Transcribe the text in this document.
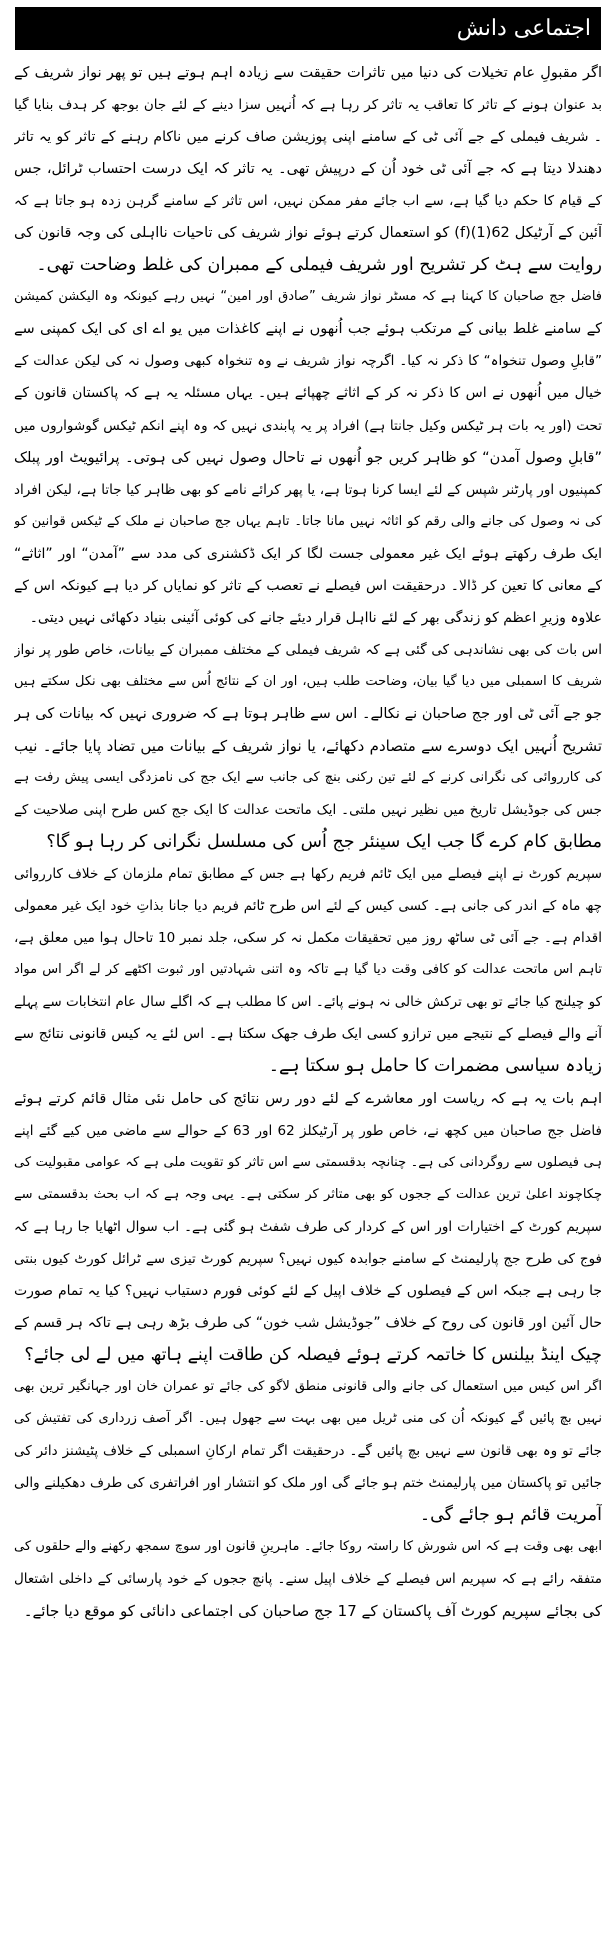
اجتماعی دانش
اگر مقبولِ عام تخیلات کی دنیا میں تاثرات حقیقت سے زیادہ اہم ہوتے ہیں تو پھر نواز شریف کے
بد عنوان ہونے کے تاثر کا تعاقب یہ تاثر کر رہا ہے کہ اُنہیں سزا دینے کے لئے جان بوجھ کر ہدف بنایا گیا
۔ شریف فیملی کے جے آئی ٹی کے سامنے اپنی پوزیشن صاف کرنے میں ناکام رہنے کے تاثر کو یہ تاثر
دھندلا دیتا ہے کہ جے آئی ٹی خود اُن کے درپیش تھی۔ یہ تاثر کہ ایک درست احتساب ٹرائل، جس
کے قیام کا حکم دیا گیا ہے، سے اب جائے مفر ممکن نہیں، اس تاثر کے سامنے گرہن زدہ ہو جاتا ہے کہ
آئین کے آرٹیکل 62(1)(f) کو استعمال کرتے ہوئے نواز شریف کی تاحیات نااہلی کی وجہ قانون کی
روایت سے ہٹ کر تشریح اور شریف فیملی کے ممبران کی غلط وضاحت تھی۔
فاضل جج صاحبان کا کہنا ہے کہ مسٹر نواز شریف ”صادق اور امین“ نہیں رہے کیونکہ وہ الیکشن کمیشن
کے سامنے غلط بیانی کے مرتکب ہوئے جب اُنھوں نے اپنے کاغذات میں یو اے ای کی ایک کمپنی سے
”قابلِ وصول تنخواہ“ کا ذکر نہ کیا۔ اگرچہ نواز شریف نے وہ تنخواہ کبھی وصول نہ کی لیکن عدالت کے
خیال میں اُنھوں نے اس کا ذکر نہ کر کے اثاثے چھپائے ہیں۔ یہاں مسئلہ یہ ہے کہ پاکستان قانون کے
تحت (اور یہ بات ہر ٹیکس وکیل جانتا ہے) افراد پر یہ پابندی نہیں کہ وہ اپنے انکم ٹیکس گوشواروں میں
”قابلِ وصول آمدن“ کو ظاہر کریں جو اُنھوں نے تاحال وصول نہیں کی ہوتی۔ پرائیویٹ اور پبلک
کمپنیوں اور پارٹنر شپس کے لئے ایسا کرنا ہوتا ہے، یا پھر کرائے نامے کو بھی ظاہر کیا جاتا ہے، لیکن افراد
کی نہ وصول کی جانے والی رقم کو اثاثہ نہیں مانا جاتا۔ تاہم یہاں جج صاحبان نے ملک کے ٹیکس قوانین کو
ایک طرف رکھتے ہوئے ایک غیر معمولی جست لگا کر ایک ڈکشنری کی مدد سے ”آمدن“ اور ”اثاثے“
کے معانی کا تعین کر ڈالا۔ درحقیقت اس فیصلے نے تعصب کے تاثر کو نمایاں کر دیا ہے کیونکہ اس کے
علاوہ وزیرِ اعظم کو زندگی بھر کے لئے نااہل قرار دیئے جانے کی کوئی آئینی بنیاد دکھائی نہیں دیتی۔
اس بات کی بھی نشاندہی کی گئی ہے کہ شریف فیملی کے مختلف ممبران کے بیانات، خاص طور پر نواز
شریف کا اسمبلی میں دیا گیا بیان، وضاحت طلب ہیں، اور ان کے نتائج اُس سے مختلف بھی نکل سکتے ہیں
جو جے آئی ٹی اور جج صاحبان نے نکالے۔ اس سے ظاہر ہوتا ہے کہ ضروری نہیں کہ بیانات کی ہر
تشریح اُنہیں ایک دوسرے سے متصادم دکھائے، یا نواز شریف کے بیانات میں تضاد پایا جائے۔ نیب
کی کارروائی کی نگرانی کرنے کے لئے تین رکنی بنچ کی جانب سے ایک جج کی نامزدگی ایسی پیش رفت ہے
جس کی جوڈیشل تاریخ میں نظیر نہیں ملتی۔ ایک ماتحت عدالت کا ایک جج کس طرح اپنی صلاحیت کے
مطابق کام کرے گا جب ایک سینئر جج اُس کی مسلسل نگرانی کر رہا ہو گا؟
سپریم کورٹ نے اپنے فیصلے میں ایک ٹائم فریم رکھا ہے جس کے مطابق تمام ملزمان کے خلاف کارروائی
چھ ماہ کے اندر کی جانی ہے۔ کسی کیس کے لئے اس طرح ٹائم فریم دیا جانا بذاتِ خود ایک غیر معمولی
اقدام ہے۔ جے آئی ٹی ساٹھ روز میں تحقیقات مکمل نہ کر سکی، جلد نمبر 10 تاحال ہوا میں معلق ہے،
تاہم اس ماتحت عدالت کو کافی وقت دیا گیا ہے تاکہ وہ اتنی شہادتیں اور ثبوت اکٹھے کر لے اگر اس مواد
کو چیلنج کیا جائے تو بھی ترکش خالی نہ ہونے پائے۔ اس کا مطلب ہے کہ اگلے سال عام انتخابات سے پہلے
آنے والے فیصلے کے نتیجے میں ترازو کسی ایک طرف جھک سکتا ہے۔ اس لئے یہ کیس قانونی نتائج سے
زیادہ سیاسی مضمرات کا حامل ہو سکتا ہے۔
اہم بات یہ ہے کہ ریاست اور معاشرے کے لئے دور رس نتائج کی حامل نئی مثال قائم کرتے ہوئے
فاضل جج صاحبان میں کچھ نے، خاص طور پر آرٹیکلز 62 اور 63 کے حوالے سے ماضی میں کیے گئے اپنے
ہی فیصلوں سے روگردانی کی ہے۔ چنانچہ بدقسمتی سے اس تاثر کو تقویت ملی ہے کہ عوامی مقبولیت کی
چکاچوند اعلیٰ ترین عدالت کے ججوں کو بھی متاثر کر سکتی ہے۔ یہی وجہ ہے کہ اب بحث بدقسمتی سے
سپریم کورٹ کے اختیارات اور اس کے کردار کی طرف شفٹ ہو گئی ہے۔ اب سوال اٹھایا جا رہا ہے کہ
فوج کی طرح جج پارلیمنٹ کے سامنے جوابدہ کیوں نہیں؟ سپریم کورٹ تیزی سے ٹرائل کورٹ کیوں بنتی
جا رہی ہے جبکہ اس کے فیصلوں کے خلاف اپیل کے لئے کوئی فورم دستیاب نہیں؟ کیا یہ تمام صورت
حال آئین اور قانون کی روح کے خلاف ”جوڈیشل شب خون“ کی طرف بڑھ رہی ہے تاکہ ہر قسم کے
چیک اینڈ بیلنس کا خاتمہ کرتے ہوئے فیصلہ کن طاقت اپنے ہاتھ میں لے لی جائے؟
اگر اس کیس میں استعمال کی جانے والی قانونی منطق لاگو کی جائے تو عمران خان اور جہانگیر ترین بھی
نہیں بچ پائیں گے کیونکہ اُن کی منی ٹریل میں بھی بہت سے جھول ہیں۔ اگر آصف زرداری کی تفتیش کی
جائے تو وہ بھی قانون سے نہیں بچ پائیں گے۔ درحقیقت اگر تمام ارکانِ اسمبلی کے خلاف پٹیشنز دائر کی
جائیں تو پاکستان میں پارلیمنٹ ختم ہو جائے گی اور ملک کو انتشار اور افراتفری کی طرف دھکیلنے والی
آمریت قائم ہو جائے گی۔
ابھی بھی وقت ہے کہ اس شورش کا راستہ روکا جائے۔ ماہرینِ قانون اور سوچ سمجھ رکھنے والے حلقوں کی
متفقہ رائے ہے کہ سپریم اس فیصلے کے خلاف اپیل سنے۔ پانچ ججوں کے خود پارسائی کے داخلی اشتعال
کی بجائے سپریم کورٹ آف پاکستان کے 17 جج صاحبان کی اجتماعی دانائی کو موقع دیا جائے۔
